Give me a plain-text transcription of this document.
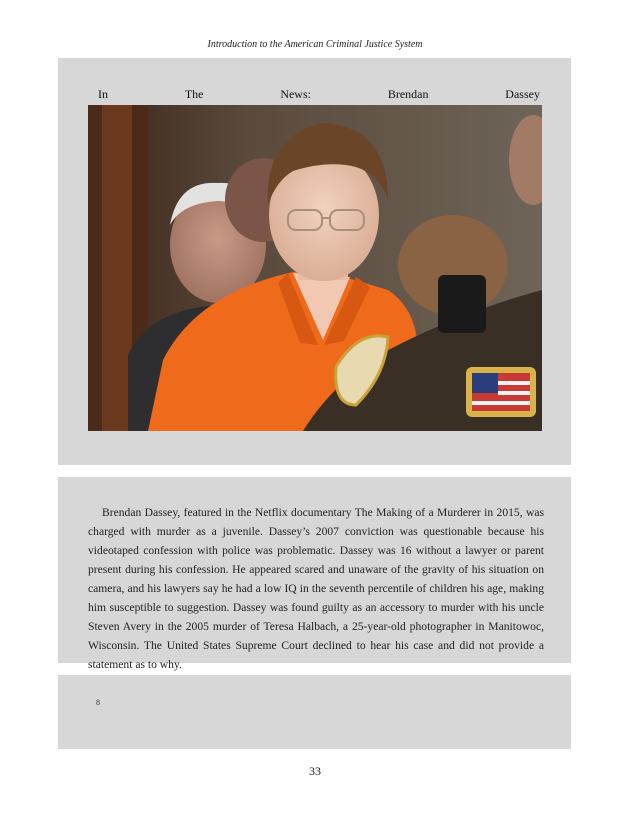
Introduction to the American Criminal Justice System
In	The	News:	Brendan	Dassey

Brendan Dassey, featured in the Netflix documentary The Making of a Murderer in 2015, was charged with murder as a juvenile. Dassey’s 2007 conviction was questionable because his videotaped confession with police was problematic. Dassey was 16 without a lawyer or parent present during his confession. He appeared scared and unaware of the gravity of his situation on camera, and his lawyers say he had a low IQ in the seventh percentile of children his age, making him susceptible to suggestion. Dassey was found guilty as an accessory to murder with his uncle Steven Avery in the 2005 murder of Teresa Halbach, a 25-year-old photographer in Manitowoc, Wisconsin. The United States Supreme Court declined to hear his case and did not provide a statement as to why.

8
33
